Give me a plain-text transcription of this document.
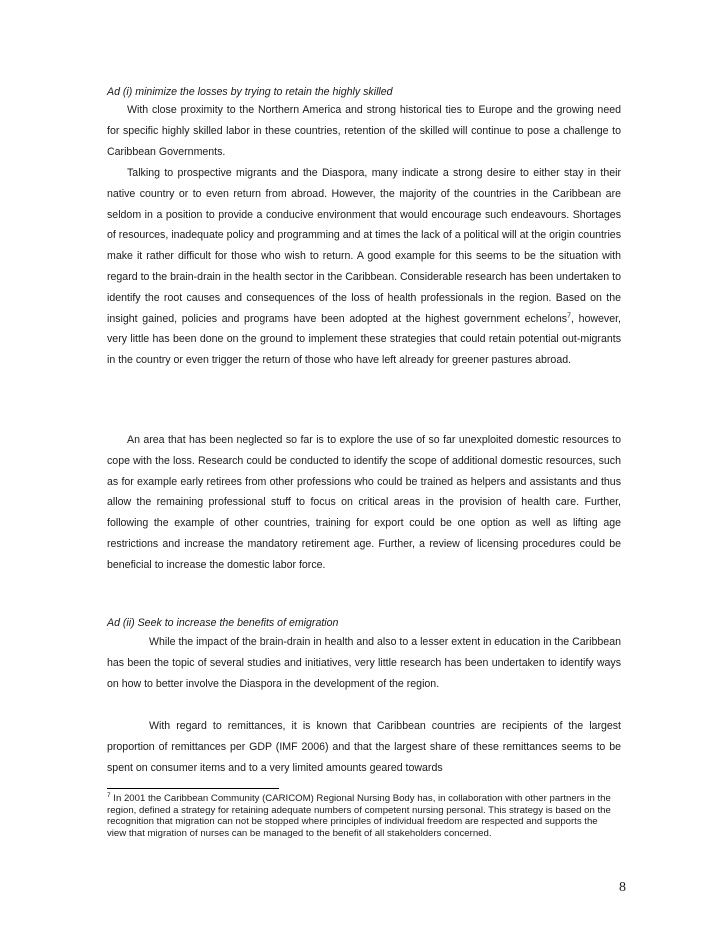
Ad (i) minimize the losses by trying to retain the highly skilled

With close proximity to the Northern America and strong historical ties to Europe and the growing need for specific highly skilled labor in these countries, retention of the skilled will continue to pose a challenge to Caribbean Governments.

Talking to prospective migrants and the Diaspora, many indicate a strong desire to either stay in their native country or to even return from abroad. However, the majority of the countries in the Caribbean are seldom in a position to provide a conducive environment that would encourage such endeavours. Shortages of resources, inadequate policy and programming and at times the lack of a political will at the origin countries make it rather difficult for those who wish to return. A good example for this seems to be the situation with regard to the brain-drain in the health sector in the Caribbean. Considerable research has been undertaken to identify the root causes and consequences of the loss of health professionals in the region. Based on the insight gained, policies and programs have been adopted at the highest government echelons$^7$, however, very little has been done on the ground to implement these strategies that could retain potential out-migrants in the country or even trigger the return of those who have left already for greener pastures abroad.

An area that has been neglected so far is to explore the use of so far unexploited domestic resources to cope with the loss. Research could be conducted to identify the scope of additional domestic resources, such as for example early retirees from other professions who could be trained as helpers and assistants and thus allow the remaining professional stuff to focus on critical areas in the provision of health care. Further, following the example of other countries, training for export could be one option as well as lifting age restrictions and increase the mandatory retirement age. Further, a review of licensing procedures could be beneficial to increase the domestic labor force.

Ad (ii) Seek to increase the benefits of emigration

While the impact of the brain-drain in health and also to a lesser extent in education in the Caribbean has been the topic of several studies and initiatives, very little research has been undertaken to identify ways on how to better involve the Diaspora in the development of the region.

With regard to remittances, it is known that Caribbean countries are recipients of the largest proportion of remittances per GDP (IMF 2006) and that the largest share of these remittances seems to be spent on consumer items and to a very limited amounts geared towards

$^7$ In 2001 the Caribbean Community (CARICOM) Regional Nursing Body has, in collaboration with other partners in the region, defined a strategy for retaining adequate numbers of competent nursing personal. This strategy is based on the recognition that migration can not be stopped where principles of individual freedom are respected and supports the view that migration of nurses can be managed to the benefit of all stakeholders concerned.

8
